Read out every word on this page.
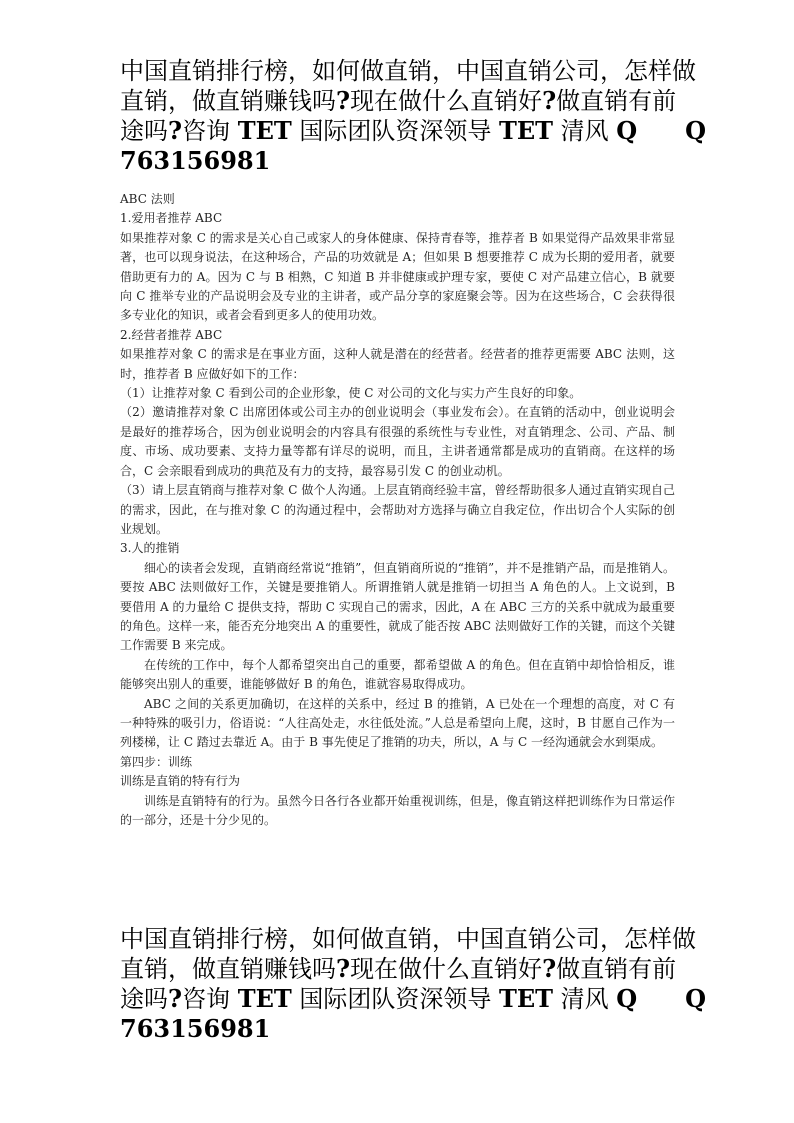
中国直销排行榜，如何做直销，中国直销公司，怎样做
直销，做直销赚钱吗?现在做什么直销好?做直销有前
途吗?咨询 TET 国际团队资深领导 TET 清风 Q　　 Q
763156981

ABC 法则

1.爱用者推荐 ABC

如果推荐对象 C 的需求是关心自己或家人的身体健康、保持青春等，推荐者 B 如果觉得产品效果非常显著，也可以现身说法，在这种场合，产品的功效就是 A；但如果 B 想要推荐 C 成为长期的爱用者，就要借助更有力的 A。因为 C 与 B 相熟，C 知道 B 并非健康或护理专家，要使 C 对产品建立信心，B 就要向 C 推举专业的产品说明会及专业的主讲者，或产品分享的家庭聚会等。因为在这些场合，C 会获得很多专业化的知识，或者会看到更多人的使用功效。

2.经营者推荐 ABC

如果推荐对象 C 的需求是在事业方面，这种人就是潜在的经营者。经营者的推荐更需要 ABC 法则，这时，推荐者 B 应做好如下的工作：

（1）让推荐对象 C 看到公司的企业形象，使 C 对公司的文化与实力产生良好的印象。

（2）邀请推荐对象 C 出席团体或公司主办的创业说明会（事业发布会）。在直销的活动中，创业说明会是最好的推荐场合，因为创业说明会的内容具有很强的系统性与专业性，对直销理念、公司、产品、制度、市场、成功要素、支持力量等都有详尽的说明，而且，主讲者通常都是成功的直销商。在这样的场合，C 会亲眼看到成功的典范及有力的支持，最容易引发 C 的创业动机。

（3）请上层直销商与推荐对象 C 做个人沟通。上层直销商经验丰富，曾经帮助很多人通过直销实现自己的需求，因此，在与推对象 C 的沟通过程中，会帮助对方选择与确立自我定位，作出切合个人实际的创业规划。

3.人的推销

细心的读者会发现，直销商经常说“推销”，但直销商所说的“推销”，并不是推销产品，而是推销人。要按 ABC 法则做好工作，关键是要推销人。所谓推销人就是推销一切担当 A 角色的人。上文说到，B 要借用 A 的力量给 C 提供支持，帮助 C 实现自己的需求，因此，A 在 ABC 三方的关系中就成为最重要的角色。这样一来，能否充分地突出 A 的重要性，就成了能否按 ABC 法则做好工作的关键，而这个关键工作需要 B 来完成。

在传统的工作中，每个人都希望突出自己的重要，都希望做 A 的角色。但在直销中却恰恰相反，谁能够突出别人的重要，谁能够做好 B 的角色，谁就容易取得成功。

ABC 之间的关系更加确切，在这样的关系中，经过 B 的推销，A 已处在一个理想的高度，对 C 有一种特殊的吸引力，俗语说：“人往高处走，水往低处流。”人总是希望向上爬，这时，B 甘愿自己作为一列楼梯，让 C 踏过去靠近 A。由于 B 事先使足了推销的功夫，所以，A 与 C 一经沟通就会水到渠成。

第四步：训练

训练是直销的特有行为

训练是直销特有的行为。虽然今日各行各业都开始重视训练，但是，像直销这样把训练作为日常运作的一部分，还是十分少见的。

中国直销排行榜，如何做直销，中国直销公司，怎样做
直销，做直销赚钱吗?现在做什么直销好?做直销有前
途吗?咨询 TET 国际团队资深领导 TET 清风 Q　　 Q
763156981
